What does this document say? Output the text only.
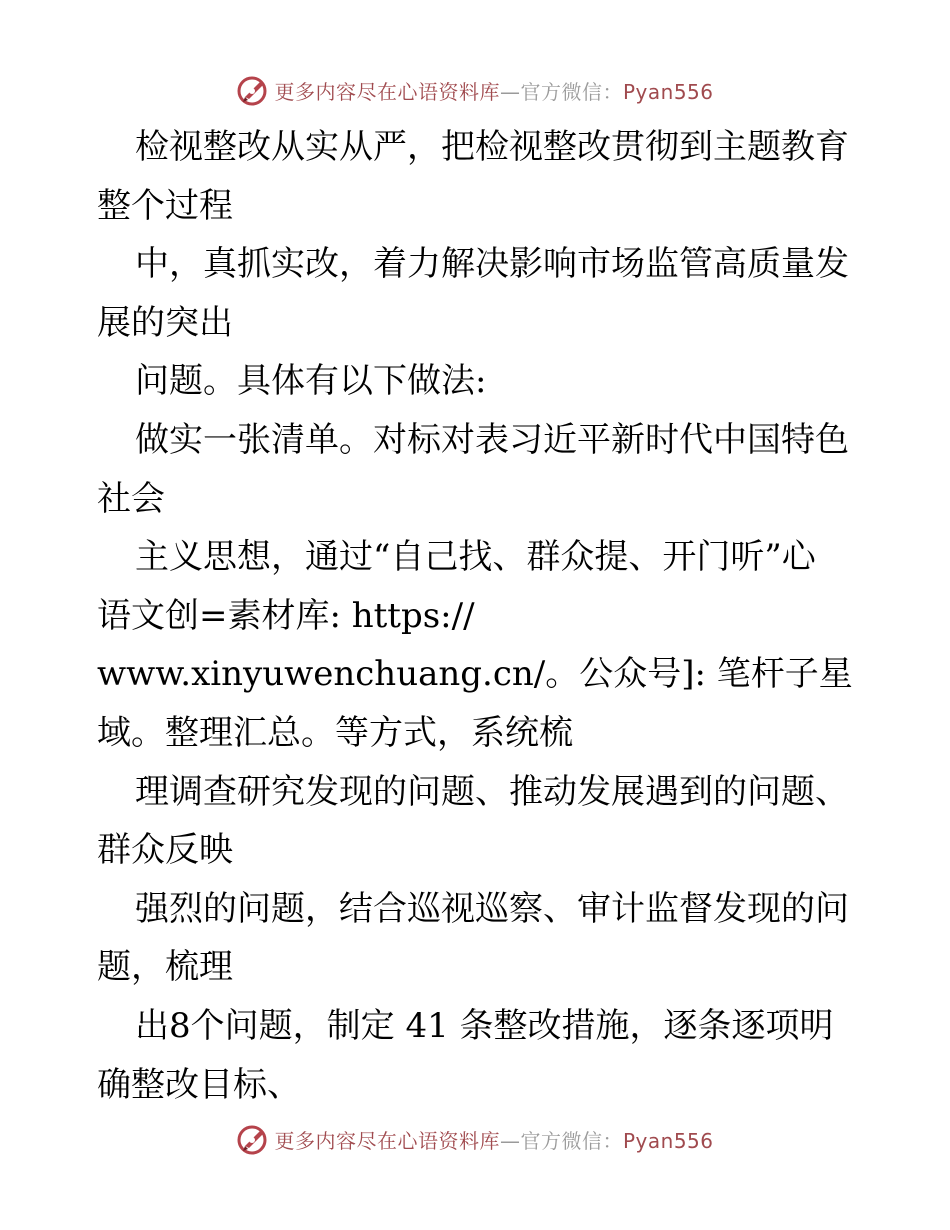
更多内容尽在心语资料库—官方微信：Pyan556
检视整改从实从严，把检视整改贯彻到主题教育
整个过程
中，真抓实改，着力解决影响市场监管高质量发
展的突出
问题。具体有以下做法:
做实一张清单。对标对表习近平新时代中国特色
社会
主义思想，通过“自己找、群众提、开门听”心
语文创=素材库: https://
www.xinyuwenchuang.cn/。公众号]: 笔杆子星
域。整理汇总。等方式，系统梳
理调查研究发现的问题、推动发展遇到的问题、
群众反映
强烈的问题，结合巡视巡察、审计监督发现的问
题，梳理
出8个问题，制定 41 条整改措施，逐条逐项明
确整改目标、
更多内容尽在心语资料库—官方微信：Pyan556
